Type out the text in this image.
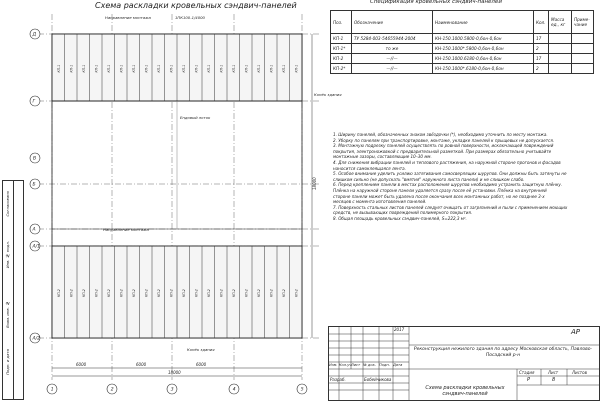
Схема раскладки кровельных сэндвич-панелей	Спецификация кровельных сэндвич-панелей
Д
Г
Б
А
А/1
А/2
В
1	2	3	4	5
КП-1	КП-1	КП-1	КП-1	КП-1	КП-1	КП-1	КП-1	КП-1	КП-1	КП-1	КП-1	КП-1	КП-1	КП-1	КП-1	КП-1	КП-1	КП-1	КП-1
КП-2	КП-2	КП-2	КП-2	КП-2	КП-2	КП-2	КП-2	КП-2	КП-2	КП-2	КП-2	КП-2	КП-2	КП-2	КП-2	КП-2	КП-2	КП-2	КП-2
Направление монтажа	1ПК100-1/4000
Направление монтажа
Ендовый лоток
Конёк здания
Конёк здания
6000	6000	6000
18000
18000
Поз.	Обозначение	Наименование	Кол.	Масса ед., кг	Приме-чание
КП-1	ТУ 5284-003-54655944-2004	КН-150.1000.5800-0,6он-0,6он	17		
КП-1*	то же	КН-150.1000*.5800-0,6он-0,6он	2		
КП-2	—//—	КН-150.1000.6180-0,6он-0,6он	17		
КП-2*	—//—	КН-150.1000*.6180-0,6он-0,6он	2		
1. Ширину панелей, обозначенных знаком звёздочки (*), необходимо уточнить по месту монтажа.
2. Уборку по панелям при транспортировке, монтаже, укладке панелей к прыщевых не допускается.
3. Монтажную подрезку панелей осуществлять по ровной поверхности, исключающей повреждений
покрытия, электроножовкой с предварительной разметкой. При размерах обязательно учитывайте
монтажные зазоры, составляющие 10–30 мм.
4. Для снижения вибрации панелей и теплового растяжения, на наружной стороне прогонов и фасадов
наносится самоклеящаяся лента.
5. Особое внимание уделить усилию затягивания самосверлящих шурупов. Они должны быть затянуты не
слишком сильно (не допускать "вмятия" наружного листа панели) и не слишком слабо.
6. Перед креплением панели в местах расположения шурупов необходимо устранить защитную плёнку.
Плёнка на наружной стороне панели удаляется сразу после её установки. Плёнка на внутренней
стороне панели может быть удалена после окончания всех монтажных работ, но не позднее 3-х
месяцев с момента изготовления панелей.
7. Поверхность стальных листов панелей следует очищать от загрязнений и пыли с применением моющих
средств, не вызывающих повреждений полимерного покрытия.
8. Общая площадь кровельных сэндвич-панелей, S=222,3 м².
АР
2017
Реконструкция нежилого здания по адресу Московская область, Павлово-Посадский р-н
Изм. Кол.уч Лист № док. Подп. Дата
Разраб.	Бобейчикова
Схема раскладки кровельных сэндвич-панелей
Стадия	Лист	Листов
Р	8
Взам. инв. №
Подп. и дата
Инв. № подл.
Согласовано
